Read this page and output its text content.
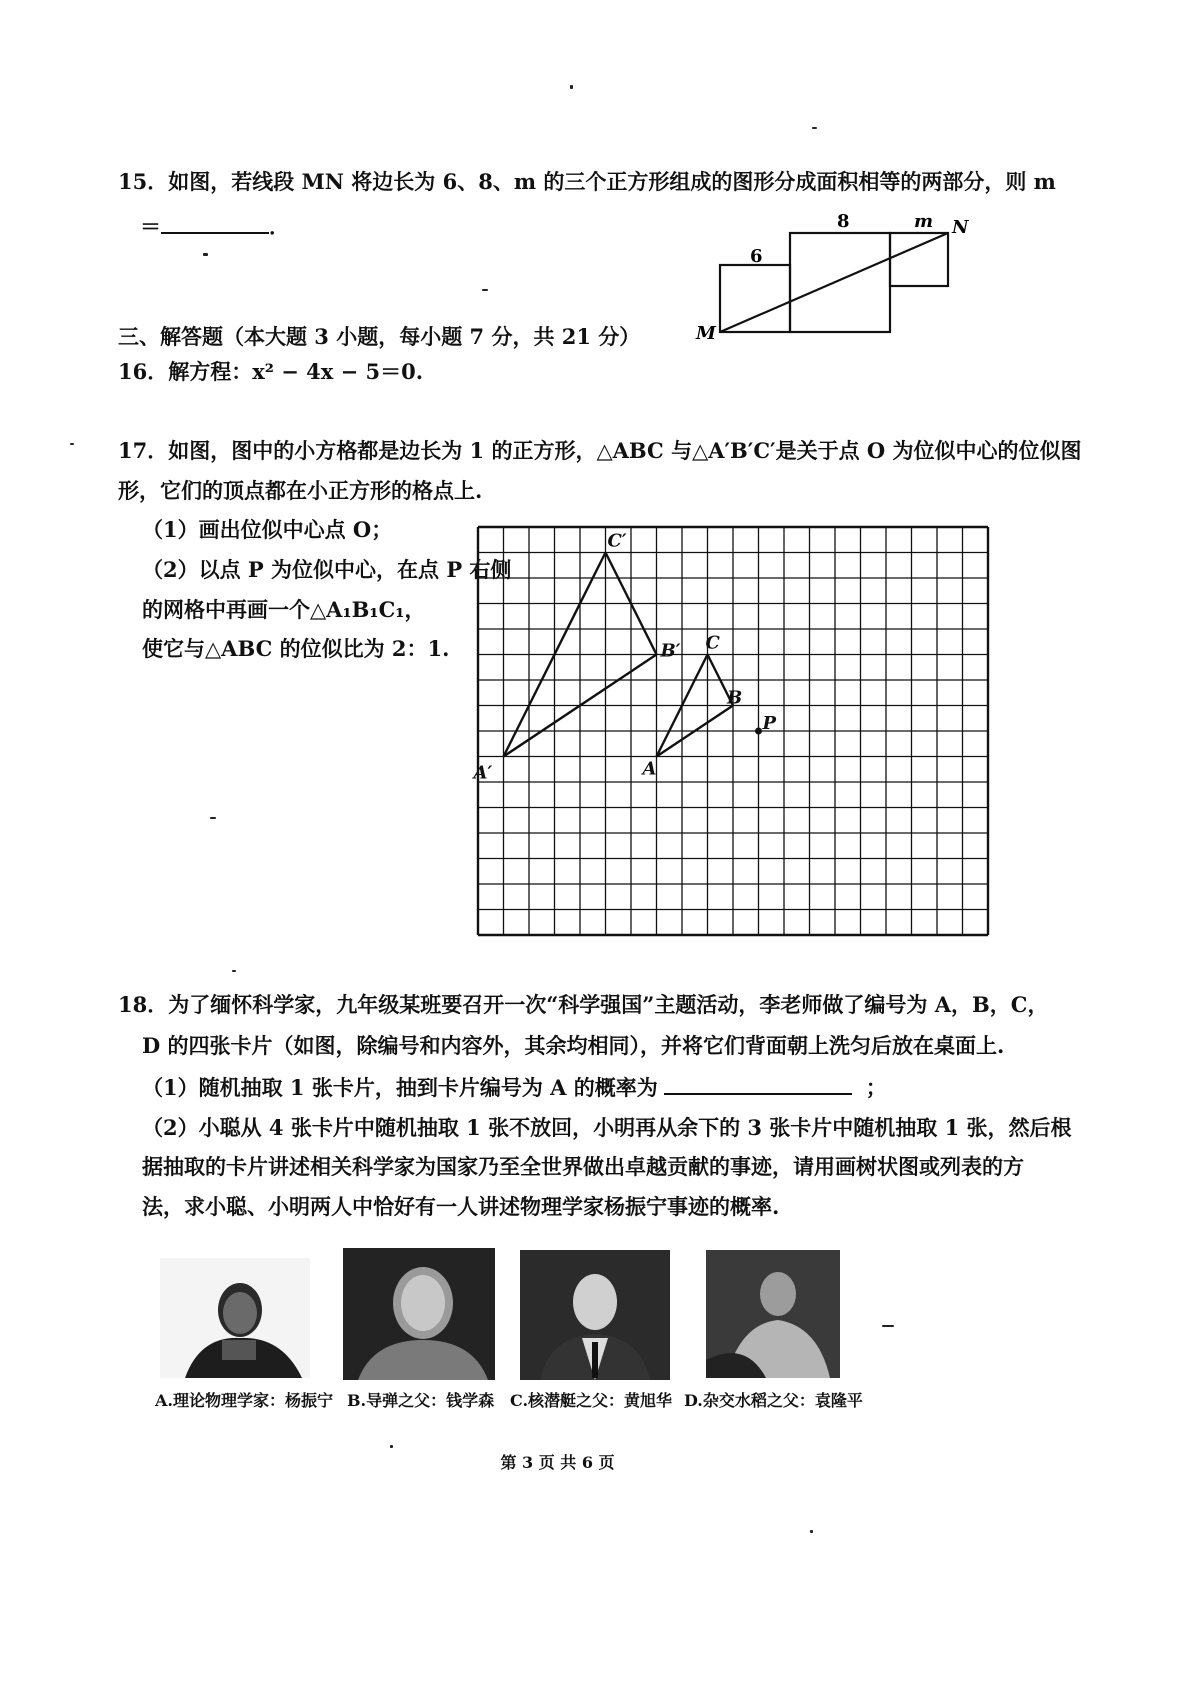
15．如图，若线段 MN 将边长为 6、8、m 的三个正方形组成的图形分成面积相等的两部分，则 m
＝	．
6
8	m N
M
三、解答题（本大题 3 小题，每小题 7 分，共 21 分）
16．解方程：x² − 4x − 5＝0.
17．如图，图中的小方格都是边长为 1 的正方形，△ABC 与△A′B′C′是关于点 O 为位似中心的位似图
形，它们的顶点都在小正方形的格点上.
（1）画出位似中心点 O；
（2）以点 P 为位似中心，在点 P 右侧
的网格中再画一个△A₁B₁C₁，
使它与△ABC 的位似比为 2：1.
C′
B′
A′
C
B
A
P
18．为了缅怀科学家，九年级某班要召开一次“科学强国”主题活动，李老师做了编号为 A，B，C，
D 的四张卡片（如图，除编号和内容外，其余均相同），并将它们背面朝上洗匀后放在桌面上.
（1）随机抽取 1 张卡片，抽到卡片编号为 A 的概率为	；
（2）小聪从 4 张卡片中随机抽取 1 张不放回，小明再从余下的 3 张卡片中随机抽取 1 张，然后根
据抽取的卡片讲述相关科学家为国家乃至全世界做出卓越贡献的事迹，请用画树状图或列表的方
法，求小聪、小明两人中恰好有一人讲述物理学家杨振宁事迹的概率.
A.理论物理学家：杨振宁 B.导弹之父：钱学森 C.核潜艇之父：黄旭华 D.杂交水稻之父：袁隆平
第 3 页 共 6 页
